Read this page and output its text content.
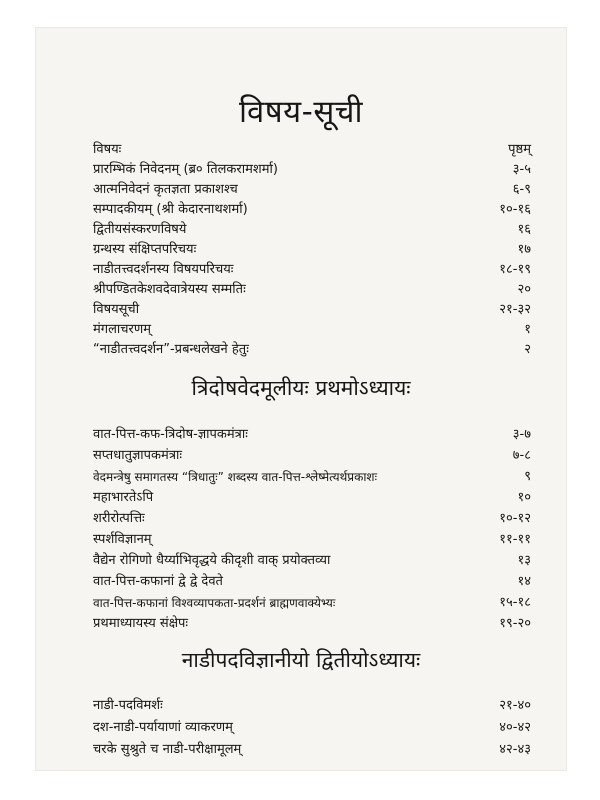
विषय-सूची
विषयः	पृष्ठम्
प्रारम्भिकं निवेदनम् (ब्र० तिलकरामशर्मा)	३-५
आत्मनिवेदनं कृतज्ञता प्रकाशश्च	६-९
सम्पादकीयम् (श्री केदारनाथशर्मा)	१०-१६
द्वितीयसंस्करणविषये	१६
ग्रन्थस्य संक्षिप्तपरिचयः	१७
नाडीतत्त्वदर्शनस्य विषयपरिचयः	१८-१९
श्रीपण्डितकेशवदेवात्रेयस्य सम्मतिः	२०
विषयसूची	२१-३२
मंगलाचरणम्	१
“नाडीतत्त्वदर्शन”-प्रबन्धलेखने हेतुः	२
त्रिदोषवेदमूलीयः प्रथमोऽध्यायः
वात-पित्त-कफ-त्रिदोष-ज्ञापकमंत्राः	३-७
सप्तधातुज्ञापकमंत्राः	७-८
वेदमन्त्रेषु समागतस्य “त्रिधातुः” शब्दस्य वात-पित्त-श्लेष्मेत्यर्थप्रकाशः	९
महाभारतेऽपि	१०
शरीरोत्पत्तिः	१०-१२
स्पर्शविज्ञानम्	११-११
वैद्येन रोगिणो धैर्य्याभिवृद्धये कीदृशी वाक् प्रयोक्तव्या	१३
वात-पित्त-कफानां द्वे द्वे देवते	१४
वात-पित्त-कफानां विश्वव्यापकता-प्रदर्शनं ब्राह्मणवाक्येभ्यः	१५-१८
प्रथमाध्यायस्य संक्षेपः	१९-२०
नाडीपदविज्ञानीयो द्वितीयोऽध्यायः
नाडी-पदविमर्शः	२१-४०
दश-नाडी-पर्यायाणां व्याकरणम्	४०-४२
चरके सुश्रुते च नाडी-परीक्षामूलम्	४२-४३
